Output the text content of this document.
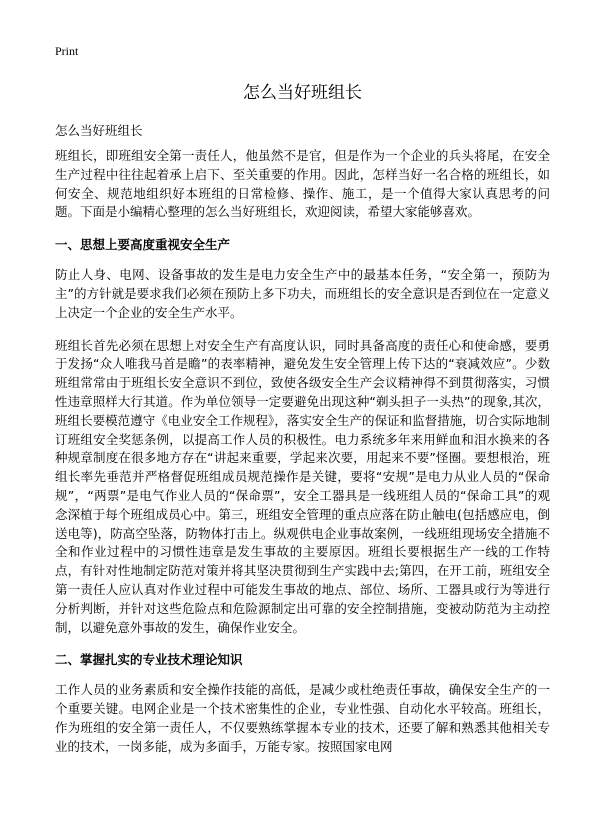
Print
怎么当好班组长

怎么当好班组长

班组长，即班组安全第一责任人，他虽然不是官，但是作为一个企业的兵头将尾，在安全生产过程中往往起着承上启下、至关重要的作用。因此，怎样当好一名合格的班组长，如何安全、规范地组织好本班组的日常检修、操作、施工，是一个值得大家认真思考的问题。下面是小编精心整理的怎么当好班组长，欢迎阅读，希望大家能够喜欢。

一、思想上要高度重视安全生产

防止人身、电网、设备事故的发生是电力安全生产中的最基本任务，“安全第一，预防为主”的方针就是要求我们必须在预防上多下功夫，而班组长的安全意识是否到位在一定意义上决定一个企业的安全生产水平。

班组长首先必须在思想上对安全生产有高度认识，同时具备高度的责任心和使命感，要勇于发扬“众人唯我马首是瞻”的表率精神，避免发生安全管理上传下达的“衰减效应”。少数班组常常由于班组长安全意识不到位，致使各级安全生产会议精神得不到贯彻落实，习惯性违章照样大行其道。作为单位领导一定要避免出现这种“剃头担子一头热”的现象,其次，班组长要模范遵守《电业安全工作规程》，落实安全生产的保证和监督措施，切合实际地制订班组安全奖惩条例，以提高工作人员的积极性。电力系统多年来用鲜血和泪水换来的各种规章制度在很多地方存在“讲起来重要，学起来次要，用起来不要”怪圈。要想根治，班组长率先垂范并严格督促班组成员规范操作是关键，要将“安规”是电力从业人员的“保命规”，“两票”是电气作业人员的“保命票”，安全工器具是一线班组人员的“保命工具”的观念深植于每个班组成员心中。第三，班组安全管理的重点应落在防止触电(包括感应电，倒送电等)，防高空坠落，防物体打击上。纵观供电企业事故案例，一线班组现场安全措施不全和作业过程中的习惯性违章是发生事故的主要原因。班组长要根据生产一线的工作特点，有针对性地制定防范对策并将其坚决贯彻到生产实践中去;第四，在开工前，班组安全第一责任人应认真对作业过程中可能发生事故的地点、部位、场所、工器具或行为等进行分析判断，并针对这些危险点和危险源制定出可靠的安全控制措施，变被动防范为主动控制，以避免意外事故的发生，确保作业安全。

二、掌握扎实的专业技术理论知识

工作人员的业务素质和安全操作技能的高低，是减少或杜绝责任事故，确保安全生产的一个重要关键。电网企业是一个技术密集性的企业，专业性强、自动化水平较高。班组长，作为班组的安全第一责任人，不仅要熟练掌握本专业的技术，还要了解和熟悉其他相关专业的技术，一岗多能，成为多面手，万能专家。按照国家电网
